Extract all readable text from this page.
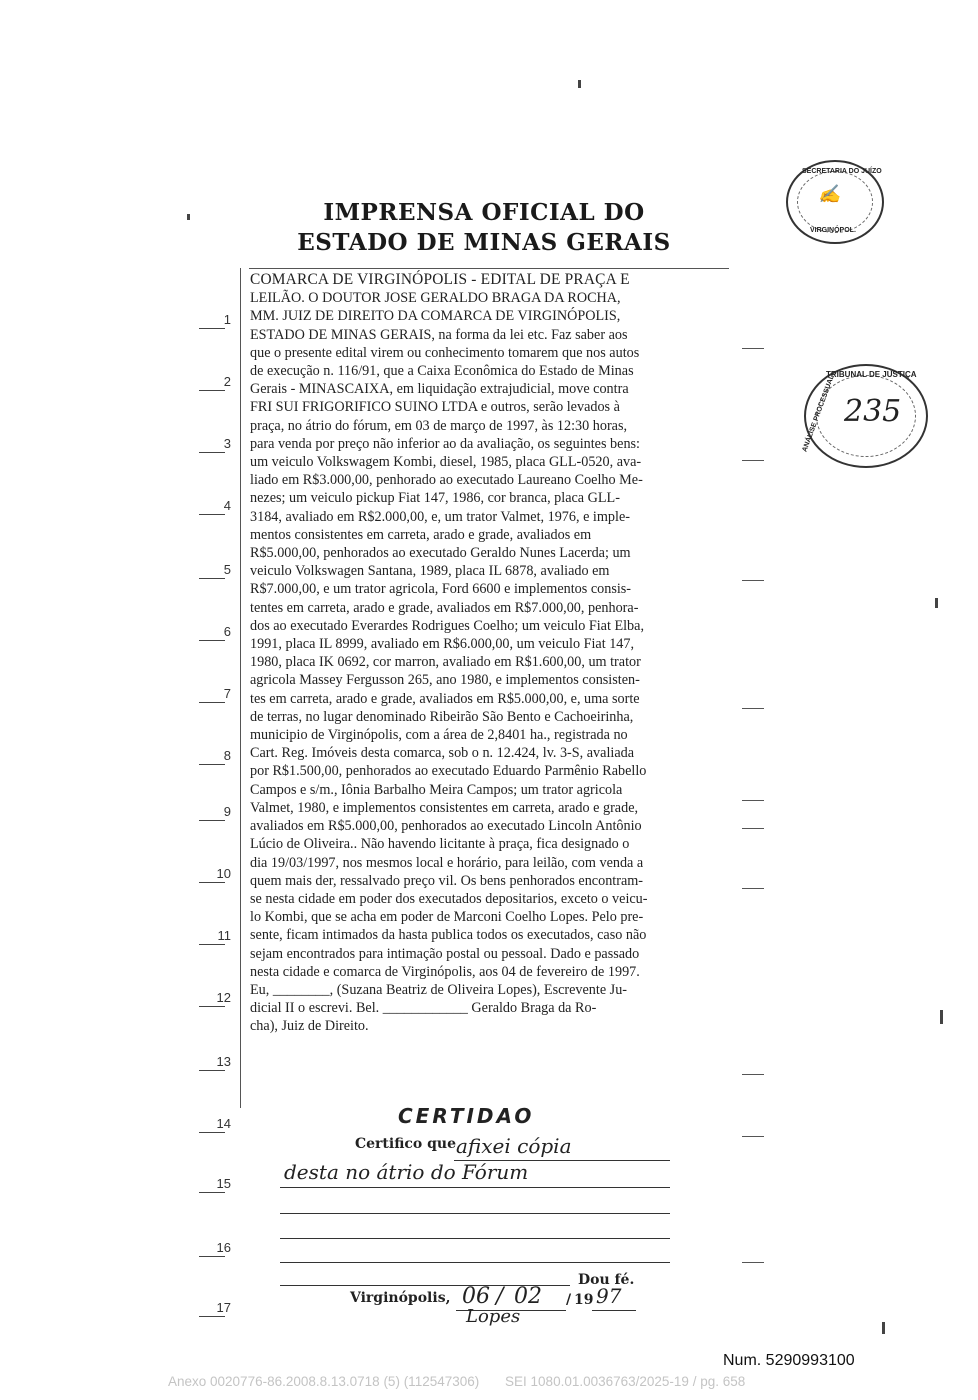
IMPRENSA OFICIAL DO
ESTADO DE MINAS GERAIS
SECRETARIA DO JUÍZO
✍
VIRGINÓPOL.
TRIBUNAL DE JUSTIÇA
ANÁLISE PROCESSUAL 235
COMARCA DE VIRGINÓPOLIS - EDITAL DE PRAÇA E
LEILÃO. O DOUTOR JOSE GERALDO BRAGA DA ROCHA,
MM. JUIZ DE DIREITO DA COMARCA DE VIRGINÓPOLIS,
ESTADO DE MINAS GERAIS, na forma da lei etc. Faz saber aos
que o presente edital virem ou conhecimento tomarem que nos autos
de execução n. 116/91, que a Caixa Econômica do Estado de Minas
Gerais - MINASCAIXA, em liquidação extrajudicial, move contra
FRI SUI FRIGORIFICO SUINO LTDA e outros, serão levados à
praça, no átrio do fórum, em 03 de março de 1997, às 12:30 horas,
para venda por preço não inferior ao da avaliação, os seguintes bens:
um veiculo Volkswagem Kombi, diesel, 1985, placa GLL-0520, ava-
liado em R$3.000,00, penhorado ao executado Laureano Coelho Me-
nezes; um veiculo pickup Fiat 147, 1986, cor branca, placa GLL-
3184, avaliado em R$2.000,00, e, um trator Valmet, 1976, e imple-
mentos consistentes em carreta, arado e grade, avaliados em
R$5.000,00, penhorados ao executado Geraldo Nunes Lacerda; um
veiculo Volkswagen Santana, 1989, placa IL 6878, avaliado em
R$7.000,00, e um trator agricola, Ford 6600 e implementos consis-
tentes em carreta, arado e grade, avaliados em R$7.000,00, penhora-
dos ao executado Everardes Rodrigues Coelho; um veiculo Fiat Elba,
1991, placa IL 8999, avaliado em R$6.000,00, um veiculo Fiat 147,
1980, placa IK 0692, cor marron, avaliado em R$1.600,00, um trator
agricola Massey Fergusson 265, ano 1980, e implementos consisten-
tes em carreta, arado e grade, avaliados em R$5.000,00, e, uma sorte
de terras, no lugar denominado Ribeirão São Bento e Cachoeirinha,
municipio de Virginópolis, com a área de 2,8401 ha., registrada no
Cart. Reg. Imóveis desta comarca, sob o n. 12.424, lv. 3-S, avaliada
por R$1.500,00, penhorados ao executado Eduardo Parmênio Rabello
Campos e s/m., Iônia Barbalho Meira Campos; um trator agricola
Valmet, 1980, e implementos consistentes em carreta, arado e grade,
avaliados em R$5.000,00, penhorados ao executado Lincoln Antônio
Lúcio de Oliveira.. Não havendo licitante à praça, fica designado o
dia 19/03/1997, nos mesmos local e horário, para leilão, com venda a
quem mais der, ressalvado preço vil. Os bens penhorados encontram-
se nesta cidade em poder dos executados depositarios, exceto o veicu-
lo Kombi, que se acha em poder de Marconi Coelho Lopes. Pelo pre-
sente, ficam intimados da hasta publica todos os executados, caso não
sejam encontrados para intimação postal ou pessoal. Dado e passado
nesta cidade e comarca de Virginópolis, aos 04 de fevereiro de 1997.
Eu, ________, (Suzana Beatriz de Oliveira Lopes), Escrevente Ju-
dicial II o escrevi. Bel. ____________ Geraldo Braga da Ro-
cha), Juiz de Direito.
1
2
3
4
5
6
7
8
9
10
11
12
13
14
15
16
17
CERTIDAO
Certifico que afixei cópia
desta no átrio do Fórum
Dou fé.
Virginópolis, 06 / 02 / 19 97
Lopes
Num. 5290993100
Anexo 0020776-86.2008.8.13.0718 (5) (112547306) SEI 1080.01.0036763/2025-19 / pg. 658
